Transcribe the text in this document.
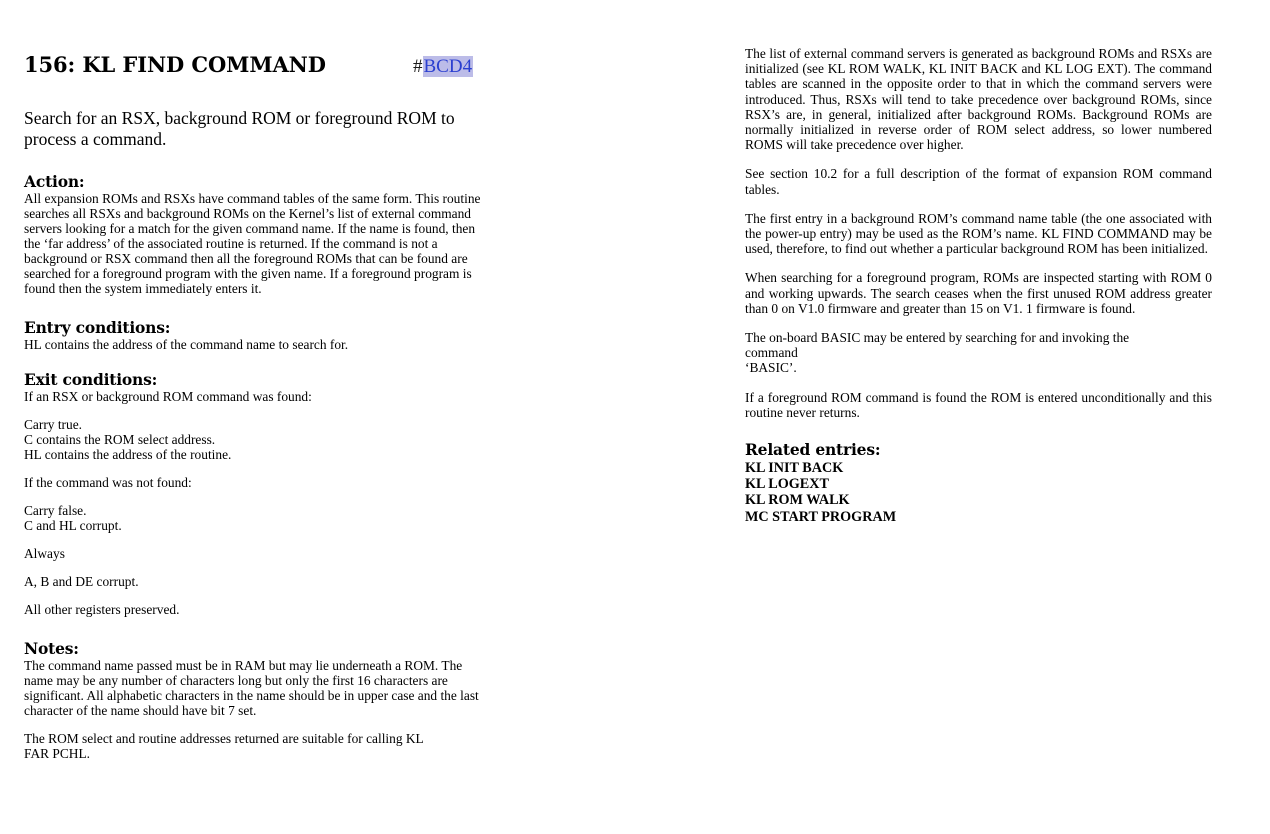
156: KL FIND COMMAND	#BCD4
Search for an RSX, background ROM or foreground ROM to process a command.
Action:

All expansion ROMs and RSXs have command tables of the same form. This routine searches all RSXs and background ROMs on the Kernel’s list of external command servers looking for a match for the given command name. If the name is found, then

the ‘far address’ of the associated routine is returned. If the command is not a background or RSX command then all the foreground ROMs that can be found are searched for a foreground program with the given name. If a foreground program is found then the system immediately enters it.

Entry conditions:

HL contains the address of the command name to search for.

Exit conditions:

If an RSX or background ROM command was found:

Carry true.
C contains the ROM select address.
HL contains the address of the routine.

If the command was not found:

Carry false.
C and HL corrupt.

Always

A, B and DE corrupt.

All other registers preserved.

Notes:

The command name passed must be in RAM but may lie underneath a ROM. The name may be any number of characters long but only the first 16 characters are significant. All alphabetic characters in the name should be in upper case and the last character of the name should have bit 7 set.

The ROM select and routine addresses returned are suitable for calling KL
FAR PCHL.

The list of external command servers is generated as background ROMs and RSXs are initialized (see KL ROM WALK, KL INIT BACK and KL LOG EXT). The command tables are scanned in the opposite order to that in which the command servers were introduced. Thus, RSXs will tend to take precedence over background ROMs, since RSX’s are, in general, initialized after background ROMs. Background ROMs are normally initialized in reverse order of ROM select address, so lower numbered ROMS will take precedence over higher.

See section 10.2 for a full description of the format of expansion ROM command tables.

The first entry in a background ROM’s command name table (the one associated with the power-up entry) may be used as the ROM’s name. KL FIND COMMAND may be used, therefore, to find out whether a particular background ROM has been initialized.

When searching for a foreground program, ROMs are inspected starting with ROM 0 and working upwards. The search ceases when the first unused ROM address greater than 0 on V1.0 firmware and greater than 15 on V1. 1 firmware is found.

The on-board BASIC may be entered by searching for and invoking the
command
‘BASIC’.

If a foreground ROM command is found the ROM is entered unconditionally and this routine never returns.

Related entries:
KL INIT BACK
KL LOGEXT
KL ROM WALK
MC START PROGRAM
